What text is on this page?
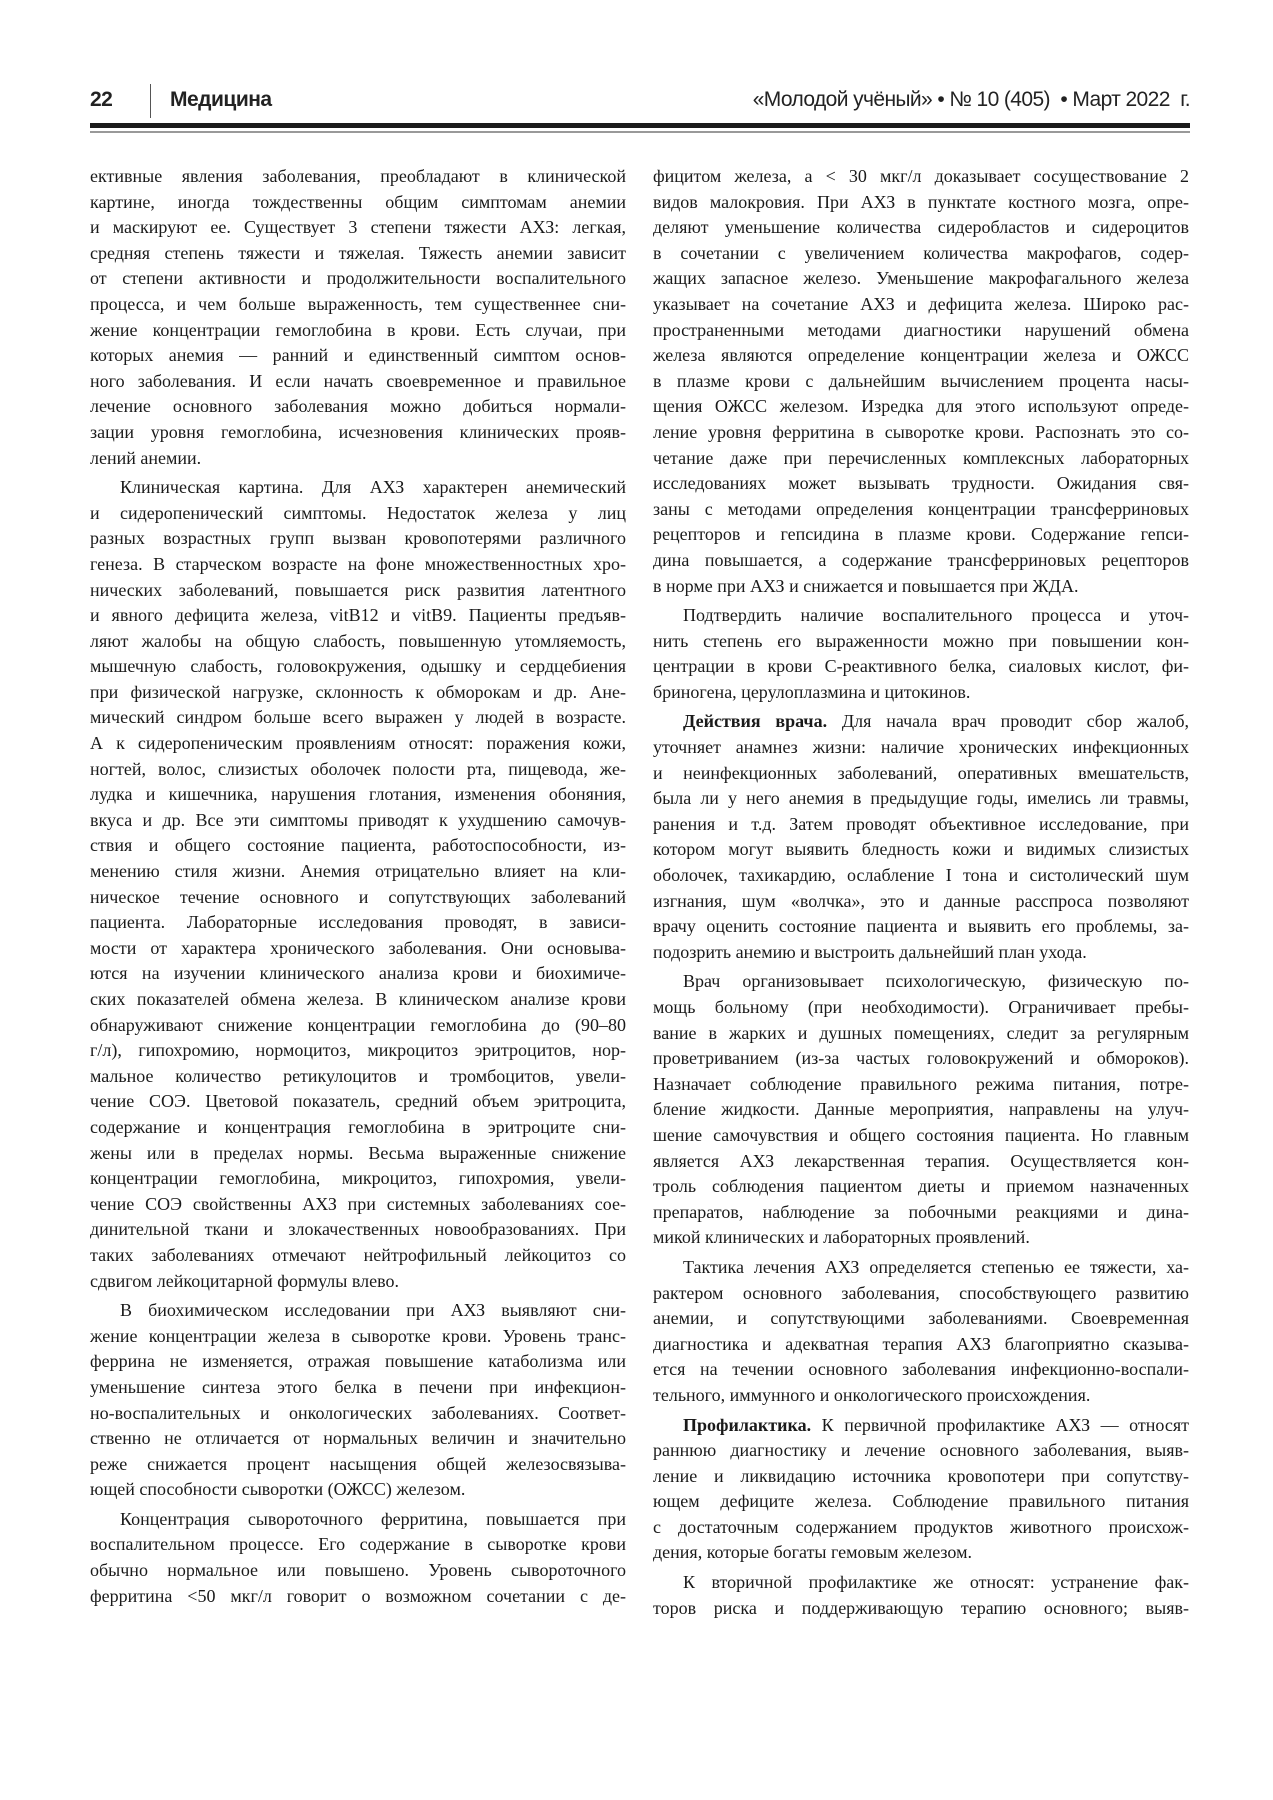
22	Медицина	«Молодой учёный» • № 10 (405)  • Март 2022  г.
ективные явления заболевания, преобладают в клинической
картине, иногда тождественны общим симптомам анемии
и маскируют ее. Существует 3 степени тяжести АХЗ: легкая,
средняя степень тяжести и тяжелая. Тяжесть анемии зависит
от степени активности и продолжительности воспалительного
процесса, и чем больше выраженность, тем существеннее сни-
жение концентрации гемоглобина в крови. Есть случаи, при
которых анемия — ранний и единственный симптом основ-
ного заболевания. И если начать своевременное и правильное
лечение основного заболевания можно добиться нормали-
зации уровня гемоглобина, исчезновения клинических прояв-
лений анемии.
Клиническая картина. Для АХЗ характерен анемический
и сидеропенический симптомы. Недостаток железа у лиц
разных возрастных групп вызван кровопотерями различного
генеза. В старческом возрасте на фоне множественностных хро-
нических заболеваний, повышается риск развития латентного
и явного дефицита железа, vitB12 и vitB9. Пациенты предъяв-
ляют жалобы на общую слабость, повышенную утомляемость,
мышечную слабость, головокружения, одышку и сердцебиения
при физической нагрузке, склонность к обморокам и др. Ане-
мический синдром больше всего выражен у людей в возрасте.
А к сидеропеническим проявлениям относят: поражения кожи,
ногтей, волос, слизистых оболочек полости рта, пищевода, же-
лудка и кишечника, нарушения глотания, изменения обоняния,
вкуса и др. Все эти симптомы приводят к ухудшению самочув-
ствия и общего состояние пациента, работоспособности, из-
менению стиля жизни. Анемия отрицательно влияет на кли-
ническое течение основного и сопутствующих заболеваний
пациента. Лабораторные исследования проводят, в зависи-
мости от характера хронического заболевания. Они основыва-
ются на изучении клинического анализа крови и биохимиче-
ских показателей обмена железа. В клиническом анализе крови
обнаруживают снижение концентрации гемоглобина до (90–80
г/л), гипохромию, нормоцитоз, микроцитоз эритроцитов, нор-
мальное количество ретикулоцитов и тромбоцитов, увели-
чение СОЭ. Цветовой показатель, средний объем эритроцита,
содержание и концентрация гемоглобина в эритроците сни-
жены или в пределах нормы. Весьма выраженные снижение
концентрации гемоглобина, микроцитоз, гипохромия, увели-
чение СОЭ свойственны АХЗ при системных заболеваниях сое-
динительной ткани и злокачественных новообразованиях. При
таких заболеваниях отмечают нейтрофильный лейкоцитоз со
сдвигом лейкоцитарной формулы влево.
В биохимическом исследовании при АХЗ выявляют сни-
жение концентрации железа в сыворотке крови. Уровень транс-
феррина не изменяется, отражая повышение катаболизма или
уменьшение синтеза этого белка в печени при инфекцион-
но-воспалительных и онкологических заболеваниях. Соответ-
ственно не отличается от нормальных величин и значительно
реже снижается процент насыщения общей железосвязыва-
ющей способности сыворотки (ОЖСС) железом.
Концентрация сывороточного ферритина, повышается при
воспалительном процессе. Его содержание в сыворотке крови
обычно нормальное или повышено. Уровень сывороточного
ферритина <50 мкг/л говорит о возможном сочетании с де-
фицитом железа, а < 30 мкг/л доказывает сосуществование 2
видов малокровия. При АХЗ в пунктате костного мозга, опре-
деляют уменьшение количества сидеробластов и сидероцитов
в сочетании с увеличением количества макрофагов, содер-
жащих запасное железо. Уменьшение макрофагального железа
указывает на сочетание АХЗ и дефицита железа. Широко рас-
пространенными методами диагностики нарушений обмена
железа являются определение концентрации железа и ОЖСС
в плазме крови с дальнейшим вычислением процента насы-
щения ОЖСС железом. Изредка для этого используют опреде-
ление уровня ферритина в сыворотке крови. Распознать это со-
четание даже при перечисленных комплексных лабораторных
исследованиях может вызывать трудности. Ожидания свя-
заны с методами определения концентрации трансферриновых
рецепторов и гепсидина в плазме крови. Содержание гепси-
дина повышается, а содержание трансферриновых рецепторов
в норме при АХЗ и снижается и повышается при ЖДА.
Подтвердить наличие воспалительного процесса и уточ-
нить степень его выраженности можно при повышении кон-
центрации в крови С-реактивного белка, сиаловых кислот, фи-
бриногена, церулоплазмина и цитокинов.
Действия врача. Для начала врач проводит сбор жалоб,
уточняет анамнез жизни: наличие хронических инфекционных
и неинфекционных заболеваний, оперативных вмешательств,
была ли у него анемия в предыдущие годы, имелись ли травмы,
ранения и т.д. Затем проводят объективное исследование, при
котором могут выявить бледность кожи и видимых слизистых
оболочек, тахикардию, ослабление I тона и систолический шум
изгнания, шум «волчка», это и данные расспроса позволяют
врачу оценить состояние пациента и выявить его проблемы, за-
подозрить анемию и выстроить дальнейший план ухода.
Врач организовывает психологическую, физическую по-
мощь больному (при необходимости). Ограничивает пребы-
вание в жарких и душных помещениях, следит за регулярным
проветриванием (из-за частых головокружений и обмороков).
Назначает соблюдение правильного режима питания, потре-
бление жидкости. Данные мероприятия, направлены на улуч-
шение самочувствия и общего состояния пациента. Но главным
является АХЗ лекарственная терапия. Осуществляется кон-
троль соблюдения пациентом диеты и приемом назначенных
препаратов, наблюдение за побочными реакциями и дина-
микой клинических и лабораторных проявлений.
Тактика лечения АХЗ определяется степенью ее тяжести, ха-
рактером основного заболевания, способствующего развитию
анемии, и сопутствующими заболеваниями. Своевременная
диагностика и адекватная терапия АХЗ благоприятно сказыва-
ется на течении основного заболевания инфекционно-воспали-
тельного, иммунного и онкологического происхождения.
Профилактика. К первичной профилактике АХЗ — относят
раннюю диагностику и лечение основного заболевания, выяв-
ление и ликвидацию источника кровопотери при сопутству-
ющем дефиците железа. Соблюдение правильного питания
с достаточным содержанием продуктов животного происхож-
дения, которые богаты гемовым железом.
К вторичной профилактике же относят: устранение фак-
торов риска и поддерживающую терапию основного; выяв-
